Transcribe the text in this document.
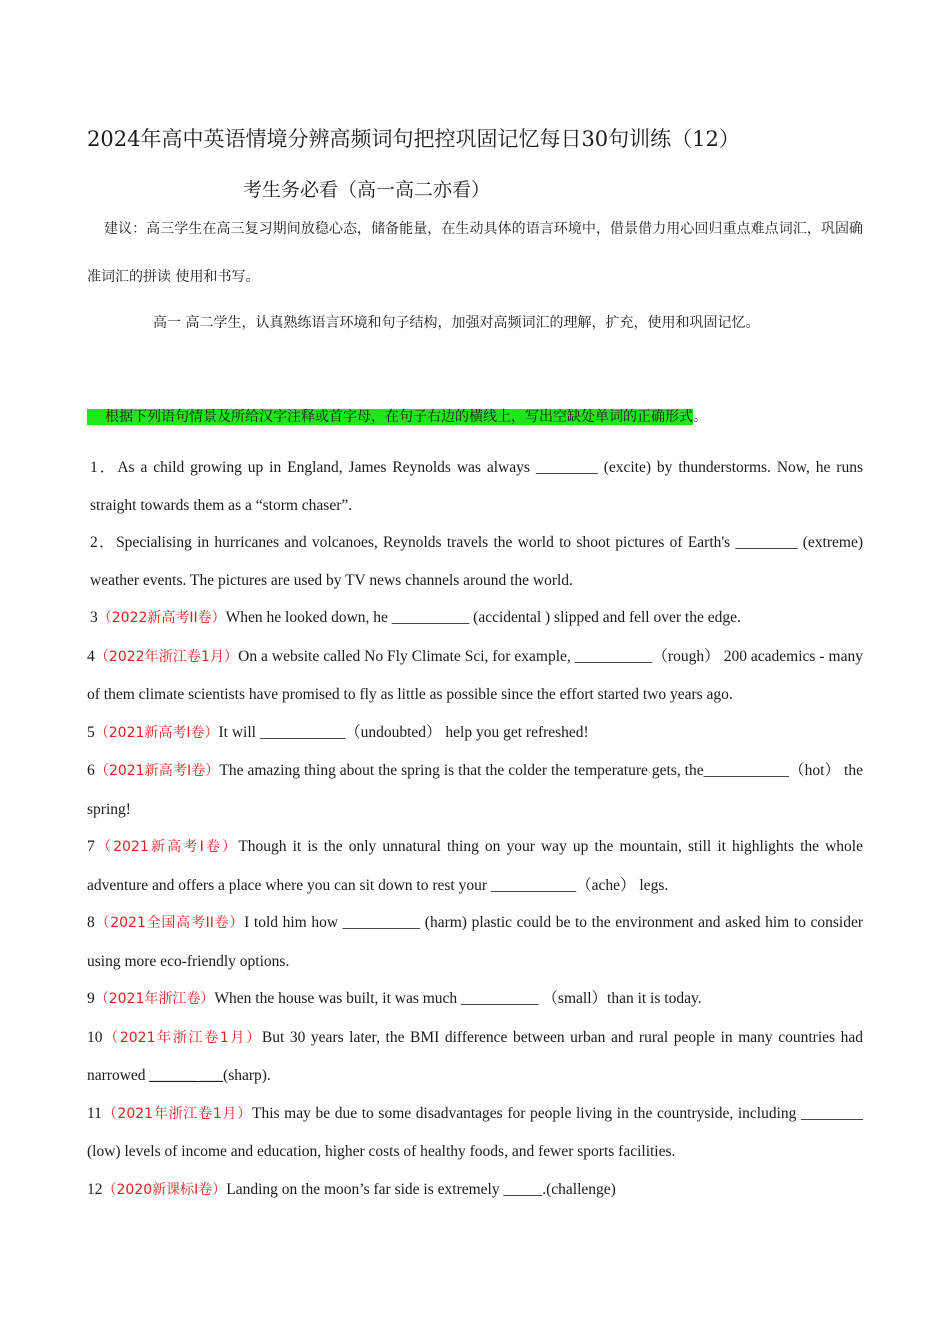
2024年高中英语情境分辨高频词句把控巩固记忆每日30句训练（12）
考生务必看（高一高二亦看）
建议：高三学生在高三复习期间放稳心态，储备能量，在生动具体的语言环境中，借景借力用心回归重点难点词汇，巩固确准词汇的拼读 使用和书写。
高一 高二学生，认真熟练语言环境和句子结构，加强对高频词汇的理解，扩充，使用和巩固记忆。
根据下列语句情景及所给汉字注释或首字母，在句子右边的横线上，写出空缺处单词的正确形式。

1．As a child growing up in England, James Reynolds was always ________ (excite) by thunderstorms. Now, he runs straight towards them as a “storm chaser”.

2．Specialising in hurricanes and volcanoes, Reynolds travels the world to shoot pictures of Earth's ________ (extreme) weather events. The pictures are used by TV news channels around the world.

3（2022新高考II卷）When he looked down, he __________ (accidental ) slipped and fell over the edge.

4（2022年浙江卷1月）On a website called No Fly Climate Sci, for example, __________（rough） 200 academics - many of them climate scientists have promised to fly as little as possible since the effort started two years ago.

5（2021新高考I卷）It will ___________（undoubted） help you get refreshed!

6（2021新高考I卷）The amazing thing about the spring is that the colder the temperature gets, the___________（hot） the spring!

7（2021新高考I卷）Though it is the only unnatural thing on your way up the mountain, still it highlights the whole adventure and offers a place where you can sit down to rest your ___________（ache） legs.

8（2021全国高考II卷）I told him how __________ (harm) plastic could be to the environment and asked him to consider using more eco-friendly options.

9（2021年浙江卷）When the house was built, it was much __________ （small）than it is today.

10（2021年浙江卷1月）But 30 years later, the BMI difference between urban and rural people in many countries had narrowed ______ ___(sharp).

11（2021年浙江卷1月）This may be due to some disadvantages for people living in the countryside, including ________ (low) levels of income and education, higher costs of healthy foods, and fewer sports facilities.

12（2020新课标I卷）Landing on the moon’s far side is extremely _____.(challenge)
